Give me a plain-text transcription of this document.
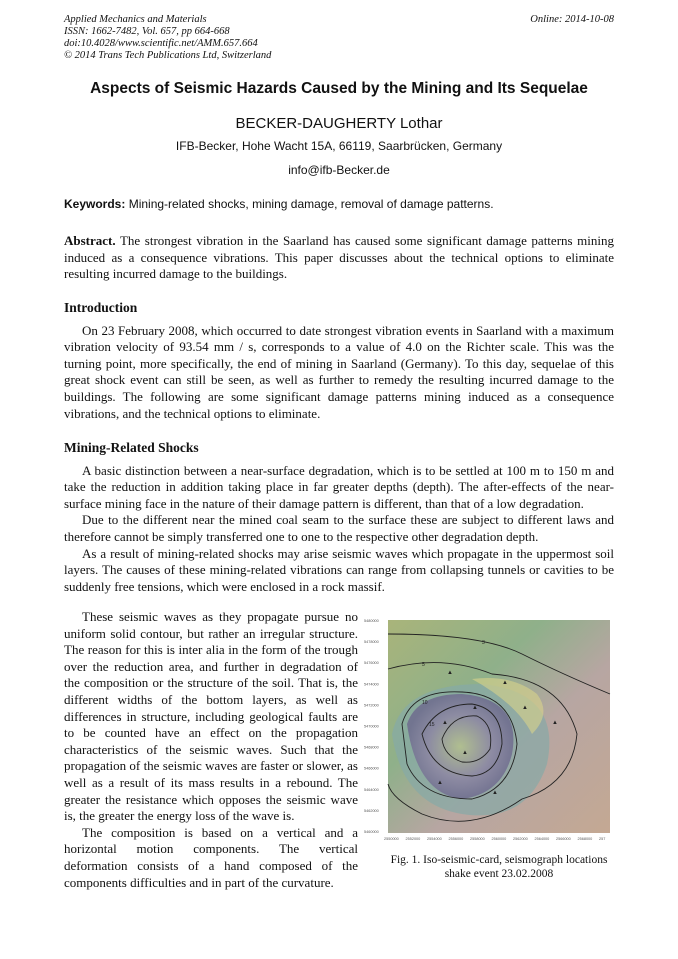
Applied Mechanics and Materials
ISSN: 1662-7482, Vol. 657, pp 664-668
doi:10.4028/www.scientific.net/AMM.657.664
© 2014 Trans Tech Publications Ltd, Switzerland
Online: 2014-10-08
Aspects of Seismic Hazards Caused by the Mining and Its Sequelae
BECKER-DAUGHERTY Lothar
IFB-Becker, Hohe Wacht 15A, 66119, Saarbrücken, Germany
info@ifb-Becker.de
Keywords: Mining-related shocks, mining damage, removal of damage patterns.

Abstract. The strongest vibration in the Saarland has caused some significant damage patterns mining induced as a consequence vibrations. This paper discusses about the technical options to eliminate resulting incurred damage to the buildings.

Introduction

On 23 February 2008, which occurred to date strongest vibration events in Saarland with a maximum vibration velocity of 93.54 mm / s, corresponds to a value of 4.0 on the Richter scale. This was the turning point, more specifically, the end of mining in Saarland (Germany). To this day, sequelae of this great shock event can still be seen, as well as further to remedy the resulting incurred damage to the buildings. The following are some significant damage patterns mining induced as a consequence vibrations, and the technical options to eliminate.

Mining-Related Shocks

A basic distinction between a near-surface degradation, which is to be settled at 100 m to 150 m and take the reduction in addition taking place in far greater depths (depth). The after-effects of the near-surface mining face in the nature of their damage pattern is different, than that of a low degradation.

Due to the different near the mined coal seam to the surface these are subject to different laws and therefore cannot be simply transferred one to one to the respective other degradation depth.

As a result of mining-related shocks may arise seismic waves which propagate in the uppermost soil layers. The causes of these mining-related vibrations can range from collapsing tunnels or cavities to be suddenly free tensions, which were enclosed in a rock massif.

These seismic waves as they propagate pursue no uniform solid contour, but rather an irregular structure. The reason for this is inter alia in the form of the trough over the reduction area, and further in degradation of the composition or the structure of the soil. That is, the different widths of the bottom layers, as well as differences in structure, including geological faults are to be counted have an effect on the propagation characteristics of the seismic waves. Such that the propagation of the seismic waves are faster or slower, as well as a result of its mass results in a rebound. The greater the resistance which opposes the seismic wave is, the greater the energy loss of the wave is.

The composition is based on a vertical and a horizontal motion components. The vertical deformation consists of a hand composed of the components difficulties and in part of the curvature.

3
5
10
15 ▲
▲
▲
▲
▲
▲
▲
▲
▲
5480000
5478000
5476000
5474000
5472000
5470000
5468000
5466000
5464000
5462000
5460000
2550000 2552000 2554000 2556000 2558000 2560000 2562000 2564000 2566000 2568000 257
Fig. 1. Iso-seismic-card, seismograph locations shake event 23.02.2008
